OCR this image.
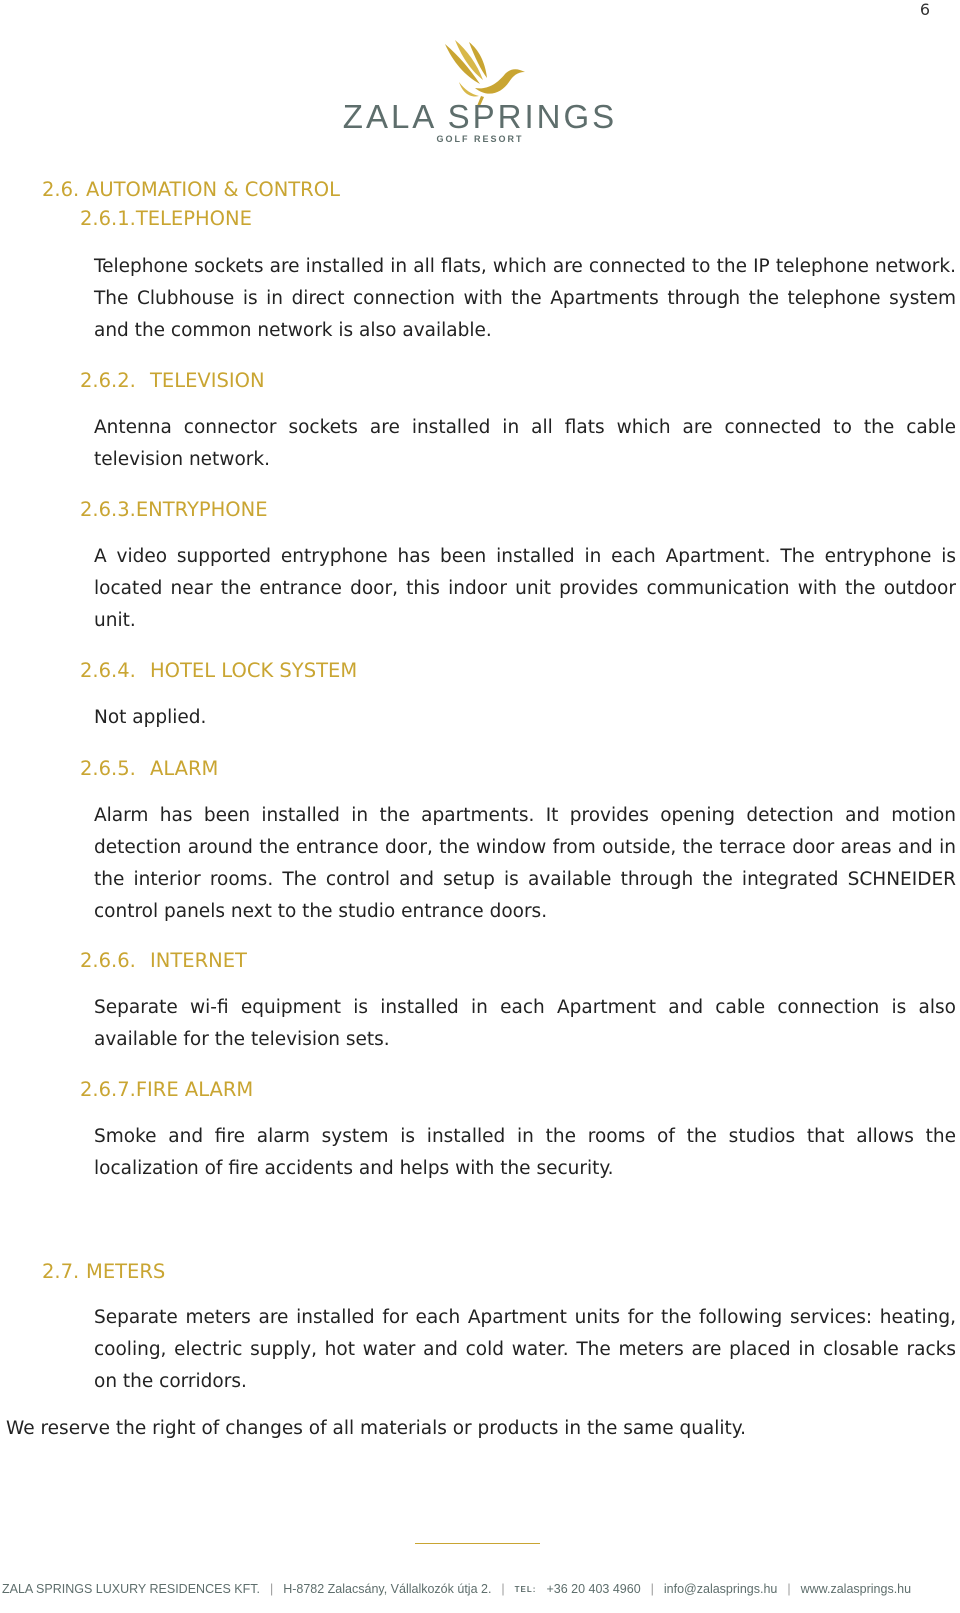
6
ZALA SPRINGS
GOLF RESORT
2.6. AUTOMATION & CONTROL
2.6.1.TELEPHONE
Telephone sockets are installed in all flats, which are connected to the IP telephone network. The Clubhouse is in direct connection with the Apartments through the telephone system and the common network is also available.
2.6.2. TELEVISION
Antenna connector sockets are installed in all flats which are connected to the cable television network.
2.6.3.ENTRYPHONE
A video supported entryphone has been installed in each Apartment. The entryphone is located near the entrance door, this indoor unit provides communication with the outdoor unit.
2.6.4. HOTEL LOCK SYSTEM
Not applied.
2.6.5. ALARM
Alarm has been installed in the apartments. It provides opening detection and motion detection around the entrance door, the window from outside, the terrace door areas and in the interior rooms. The control and setup is available through the integrated SCHNEIDER control panels next to the studio entrance doors.
2.6.6. INTERNET
Separate wi-fi equipment is installed in each Apartment and cable connection is also available for the television sets.
2.6.7.FIRE ALARM
Smoke and fire alarm system is installed in the rooms of the studios that allows the localization of fire accidents and helps with the security.
2.7. METERS
Separate meters are installed for each Apartment units for the following services: heating, cooling, electric supply, hot water and cold water. The meters are placed in closable racks on the corridors.
We reserve the right of changes of all materials or products in the same quality.
ZALA SPRINGS LUXURY RESIDENCES KFT. | H-8782 Zalacsány, Vállalkozók útja 2. | TEL: +36 20 403 4960 | info@zalasprings.hu | www.zalasprings.hu
